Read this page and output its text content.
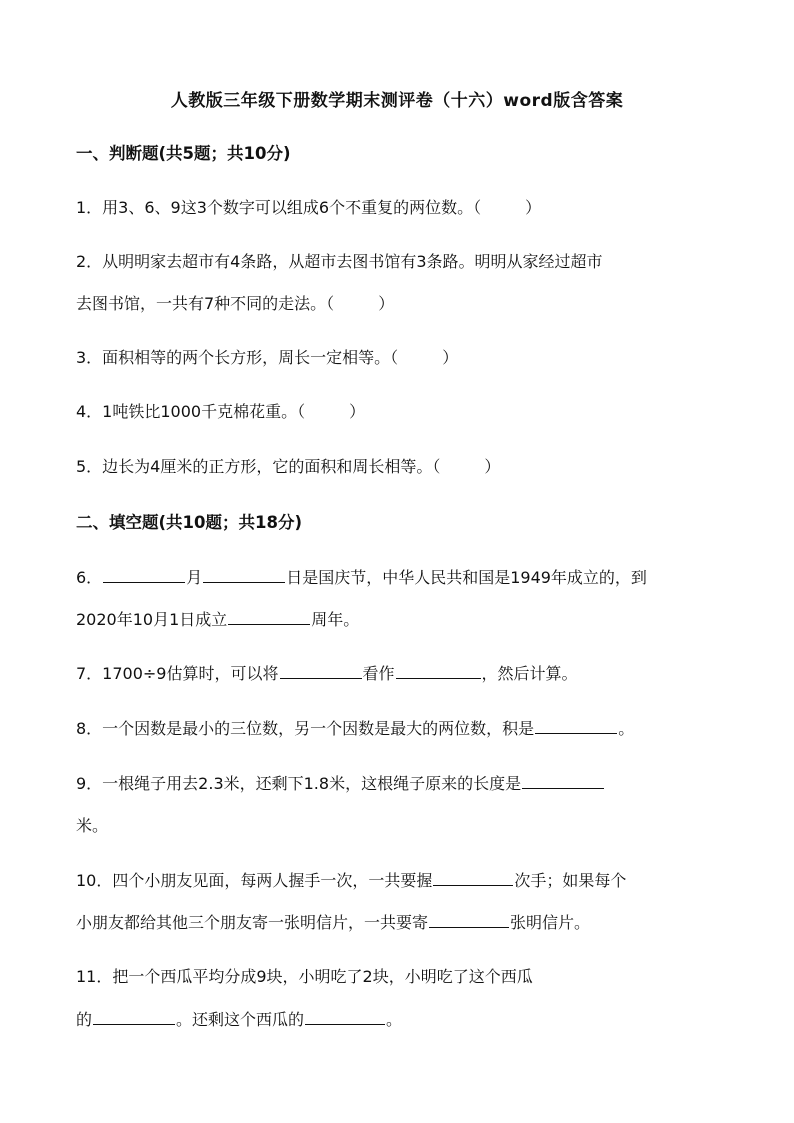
人教版三年级下册数学期末测评卷（十六）word版含答案
一、判断题(共5题；共10分)
1．用3、6、9这3个数字可以组成6个不重复的两位数。（	）
2．从明明家去超市有4条路，从超市去图书馆有3条路。明明从家经过超市
去图书馆，一共有7种不同的走法。（	）
3．面积相等的两个长方形，周长一定相等。（	）
4．1吨铁比1000千克棉花重。（	）
5．边长为4厘米的正方形，它的面积和周长相等。（	）
二、填空题(共10题；共18分)
6．	月	日是国庆节，中华人民共和国是1949年成立的，到
2020年10月1日成立	周年。
7．1700÷9估算时，可以将	看作	，然后计算。
8．一个因数是最小的三位数，另一个因数是最大的两位数，积是	。
9．一根绳子用去2.3米，还剩下1.8米，这根绳子原来的长度是
米。
10．四个小朋友见面，每两人握手一次，一共要握	次手；如果每个
小朋友都给其他三个朋友寄一张明信片，一共要寄	张明信片。
11．把一个西瓜平均分成9块，小明吃了2块，小明吃了这个西瓜
的	。还剩这个西瓜的	。
